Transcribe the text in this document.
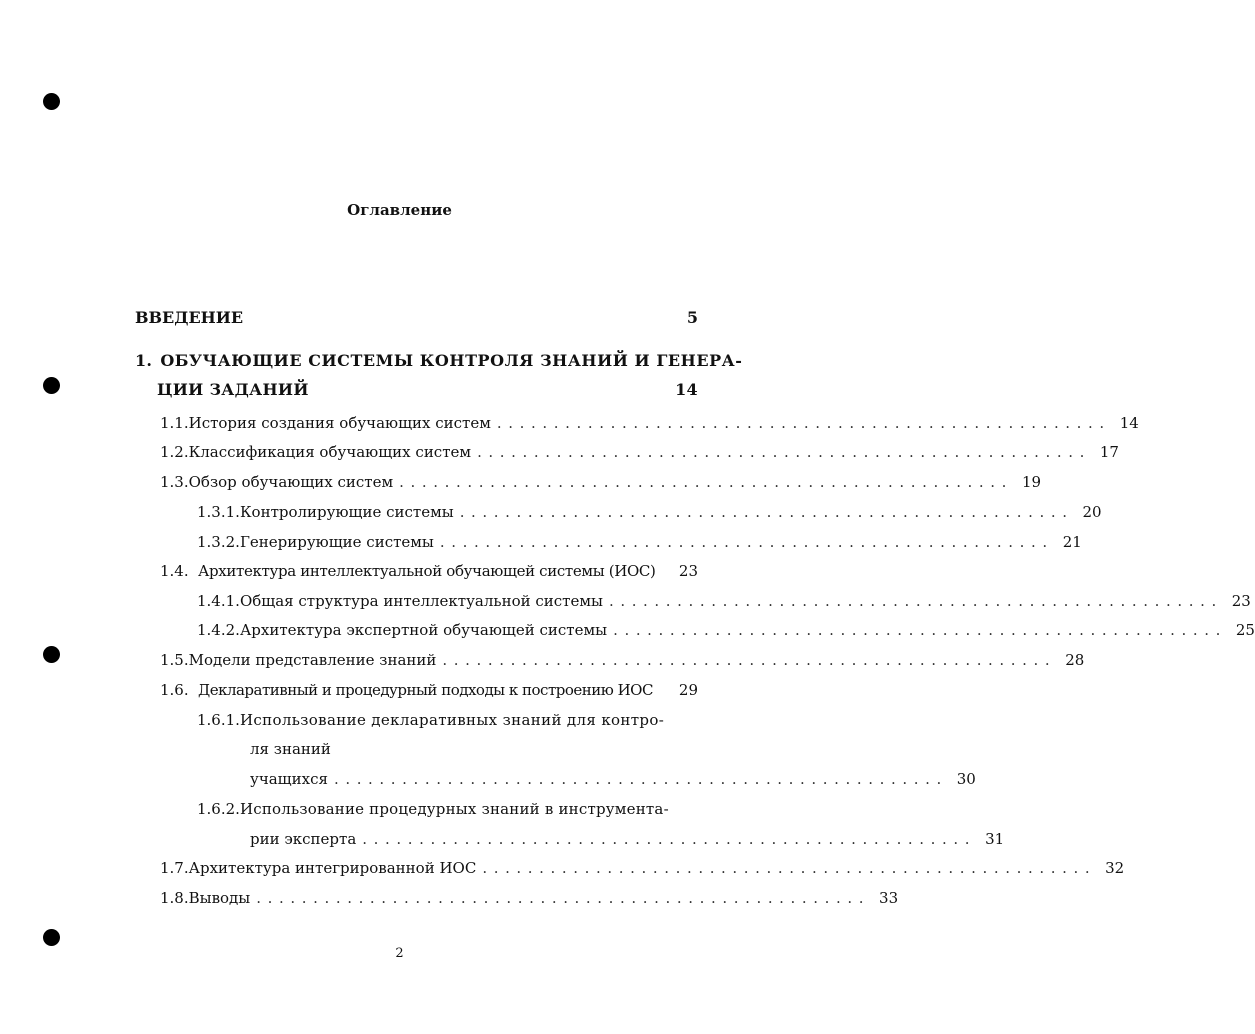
Оглавление
ВВЕДЕНИЕ	5
1. ОБУЧАЮЩИЕ СИСТЕМЫ КОНТРОЛЯ ЗНАНИЙ И ГЕНЕРА-
ЦИИ ЗАДАНИЙ	14
1.1. История создания обучающих систем ...................................................... 14
1.2. Классификация обучающих систем ...................................................... 17
1.3. Обзор обучающих систем ...................................................... 19
1.3.1. Контролирующие системы ...................................................... 20
1.3.2. Генерирующие системы ...................................................... 21
1.4. Архитектура интеллектуальной обучающей системы (ИОС) 23
1.4.1. Общая структура интеллектуальной системы ...................................................... 23
1.4.2. Архитектура экспертной обучающей системы ...................................................... 25
1.5. Модели представление знаний ...................................................... 28
1.6. Декларативный и процедурный подходы к построению ИОС 29
1.6.1. Использование декларативных знаний для контро-
ля знаний
учащихся ...................................................... 30
1.6.2. Использование процедурных знаний в инструмента-
рии эксперта ...................................................... 31
1.7. Архитектура интегрированной ИОС ...................................................... 32
1.8. Выводы ...................................................... 33
2
